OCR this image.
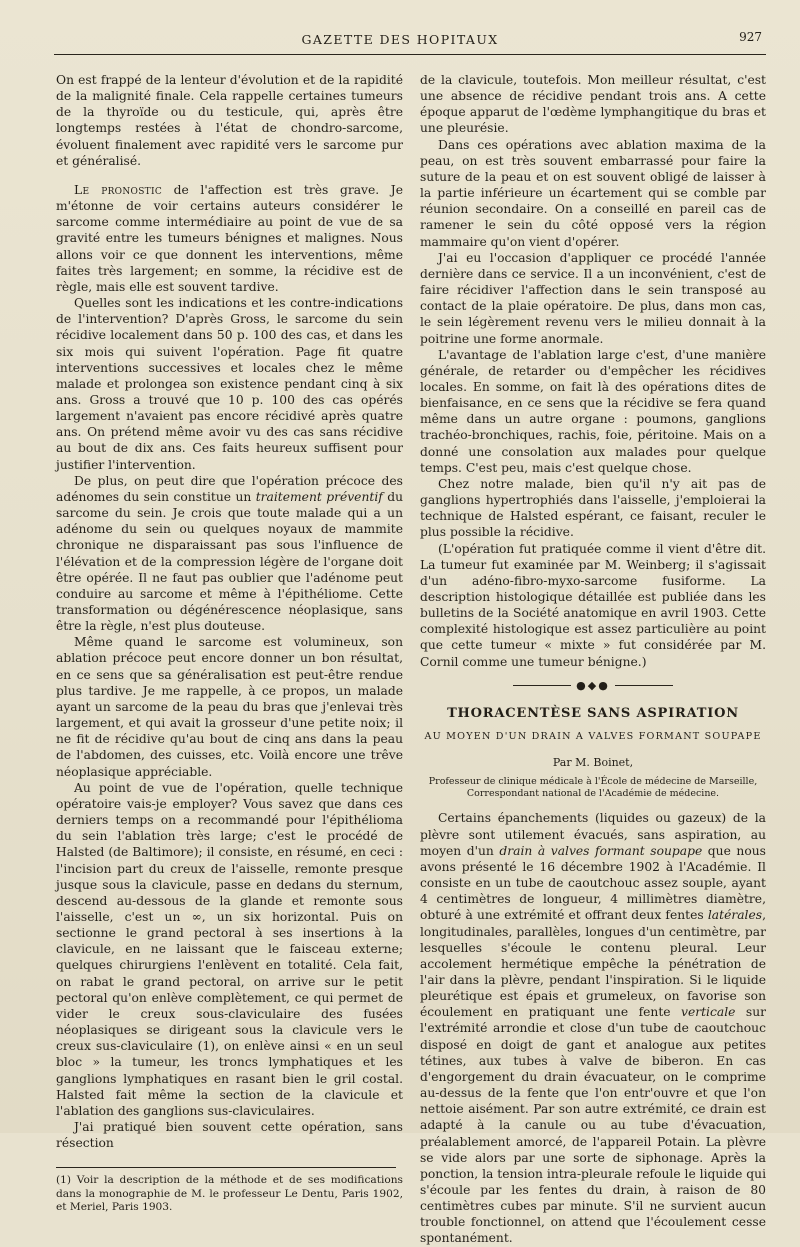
GAZETTE DES HOPITAUX	927

On est frappé de la lenteur d'évolution et de la rapidité de la malignité finale. Cela rappelle certaines tumeurs de la thyroïde ou du testicule, qui, après être longtemps restées à l'état de chondro-sarcome, évoluent finalement avec rapidité vers le sarcome pur et généralisé.

Le pronostic de l'affection est très grave. Je m'étonne de voir certains auteurs considérer le sarcome comme intermédiaire au point de vue de sa gravité entre les tumeurs bénignes et malignes. Nous allons voir ce que donnent les interventions, même faites très largement; en somme, la récidive est de règle, mais elle est souvent tardive.

Quelles sont les indications et les contre-indications de l'intervention? D'après Gross, le sarcome du sein récidive localement dans 50 p. 100 des cas, et dans les six mois qui suivent l'opération. Page fit quatre interventions successives et locales chez le même malade et prolongea son existence pendant cinq à six ans. Gross a trouvé que 10 p. 100 des cas opérés largement n'avaient pas encore récidivé après quatre ans. On prétend même avoir vu des cas sans récidive au bout de dix ans. Ces faits heureux suffisent pour justifier l'intervention.

De plus, on peut dire que l'opération précoce des adénomes du sein constitue un traitement préventif du sarcome du sein. Je crois que toute malade qui a un adénome du sein ou quelques noyaux de mammite chronique ne disparaissant pas sous l'influence de l'élévation et de la compression légère de l'organe doit être opérée. Il ne faut pas oublier que l'adénome peut conduire au sarcome et même à l'épithéliome. Cette transformation ou dégénérescence néoplasique, sans être la règle, n'est plus douteuse.

Même quand le sarcome est volumineux, son ablation précoce peut encore donner un bon résultat, en ce sens que sa généralisation est peut-être rendue plus tardive. Je me rappelle, à ce propos, un malade ayant un sarcome de la peau du bras que j'enlevai très largement, et qui avait la grosseur d'une petite noix; il ne fit de récidive qu'au bout de cinq ans dans la peau de l'abdomen, des cuisses, etc. Voilà encore une trêve néoplasique appréciable.

Au point de vue de l'opération, quelle technique opératoire vais-je employer? Vous savez que dans ces derniers temps on a recommandé pour l'épithélioma du sein l'ablation très large; c'est le procédé de Halsted (de Baltimore); il consiste, en résumé, en ceci : l'incision part du creux de l'aisselle, remonte presque jusque sous la clavicule, passe en dedans du sternum, descend au-dessous de la glande et remonte sous l'aisselle, c'est un ∞, un six horizontal. Puis on sectionne le grand pectoral à ses insertions à la clavicule, en ne laissant que le faisceau externe; quelques chirurgiens l'enlèvent en totalité. Cela fait, on rabat le grand pectoral, on arrive sur le petit pectoral qu'on enlève complètement, ce qui permet de vider le creux sous-claviculaire des fusées néoplasiques se dirigeant sous la clavicule vers le creux sus-claviculaire (1), on enlève ainsi « en un seul bloc » la tumeur, les troncs lymphatiques et les ganglions lymphatiques en rasant bien le gril costal. Halsted fait même la section de la clavicule et l'ablation des ganglions sus-claviculaires.

J'ai pratiqué bien souvent cette opération, sans résection

(1) Voir la description de la méthode et de ses modifications dans la monographie de M. le professeur Le Dentu, Paris 1902, et Meriel, Paris 1903.

de la clavicule, toutefois. Mon meilleur résultat, c'est une absence de récidive pendant trois ans. A cette époque apparut de l'œdème lymphangitique du bras et une pleurésie.

Dans ces opérations avec ablation maxima de la peau, on est très souvent embarrassé pour faire la suture de la peau et on est souvent obligé de laisser à la partie inférieure un écartement qui se comble par réunion secondaire. On a conseillé en pareil cas de ramener le sein du côté opposé vers la région mammaire qu'on vient d'opérer.

J'ai eu l'occasion d'appliquer ce procédé l'année dernière dans ce service. Il a un inconvénient, c'est de faire récidiver l'affection dans le sein transposé au contact de la plaie opératoire. De plus, dans mon cas, le sein légèrement revenu vers le milieu donnait à la poitrine une forme anormale.

L'avantage de l'ablation large c'est, d'une manière générale, de retarder ou d'empêcher les récidives locales. En somme, on fait là des opérations dites de bienfaisance, en ce sens que la récidive se fera quand même dans un autre organe : poumons, ganglions trachéo-bronchiques, rachis, foie, péritoine. Mais on a donné une consolation aux malades pour quelque temps. C'est peu, mais c'est quelque chose.

Chez notre malade, bien qu'il n'y ait pas de ganglions hypertrophiés dans l'aisselle, j'emploierai la technique de Halsted espérant, ce faisant, reculer le plus possible la récidive.

(L'opération fut pratiquée comme il vient d'être dit. La tumeur fut examinée par M. Weinberg; il s'agissait d'un adéno-fibro-myxo-sarcome fusiforme. La description histologique détaillée est publiée dans les bulletins de la Société anatomique en avril 1903. Cette complexité histologique est assez particulière au point que cette tumeur « mixte » fut considérée par M. Cornil comme une tumeur bénigne.)

●◆●
THORACENTÈSE SANS ASPIRATION
AU MOYEN D'UN DRAIN A VALVES FORMANT SOUPAPE
Par M. Boinet,
Professeur de clinique médicale à l'École de médecine de Marseille,
Correspondant national de l'Académie de médecine.

Certains épanchements (liquides ou gazeux) de la plèvre sont utilement évacués, sans aspiration, au moyen d'un drain à valves formant soupape que nous avons présenté le 16 décembre 1902 à l'Académie. Il consiste en un tube de caoutchouc assez souple, ayant 4 centimètres de longueur, 4 millimètres diamètre, obturé à une extrémité et offrant deux fentes latérales, longitudinales, parallèles, longues d'un centimètre, par lesquelles s'écoule le contenu pleural. Leur accolement hermétique empêche la pénétration de l'air dans la plèvre, pendant l'inspiration. Si le liquide pleurétique est épais et grumeleux, on favorise son écoulement en pratiquant une fente verticale sur l'extrémité arrondie et close d'un tube de caoutchouc disposé en doigt de gant et analogue aux petites tétines, aux tubes à valve de biberon. En cas d'engorgement du drain évacuateur, on le comprime au-dessus de la fente que l'on entr'ouvre et que l'on nettoie aisément. Par son autre extrémité, ce drain est adapté à la canule ou au tube d'évacuation, préalablement amorcé, de l'appareil Potain. La plèvre se vide alors par une sorte de siphonage. Après la ponction, la tension intra-pleurale refoule le liquide qui s'écoule par les fentes du drain, à raison de 80 centimètres cubes par minute. S'il ne survient aucun trouble fonctionnel, on attend que l'écoulement cesse spontanément.
